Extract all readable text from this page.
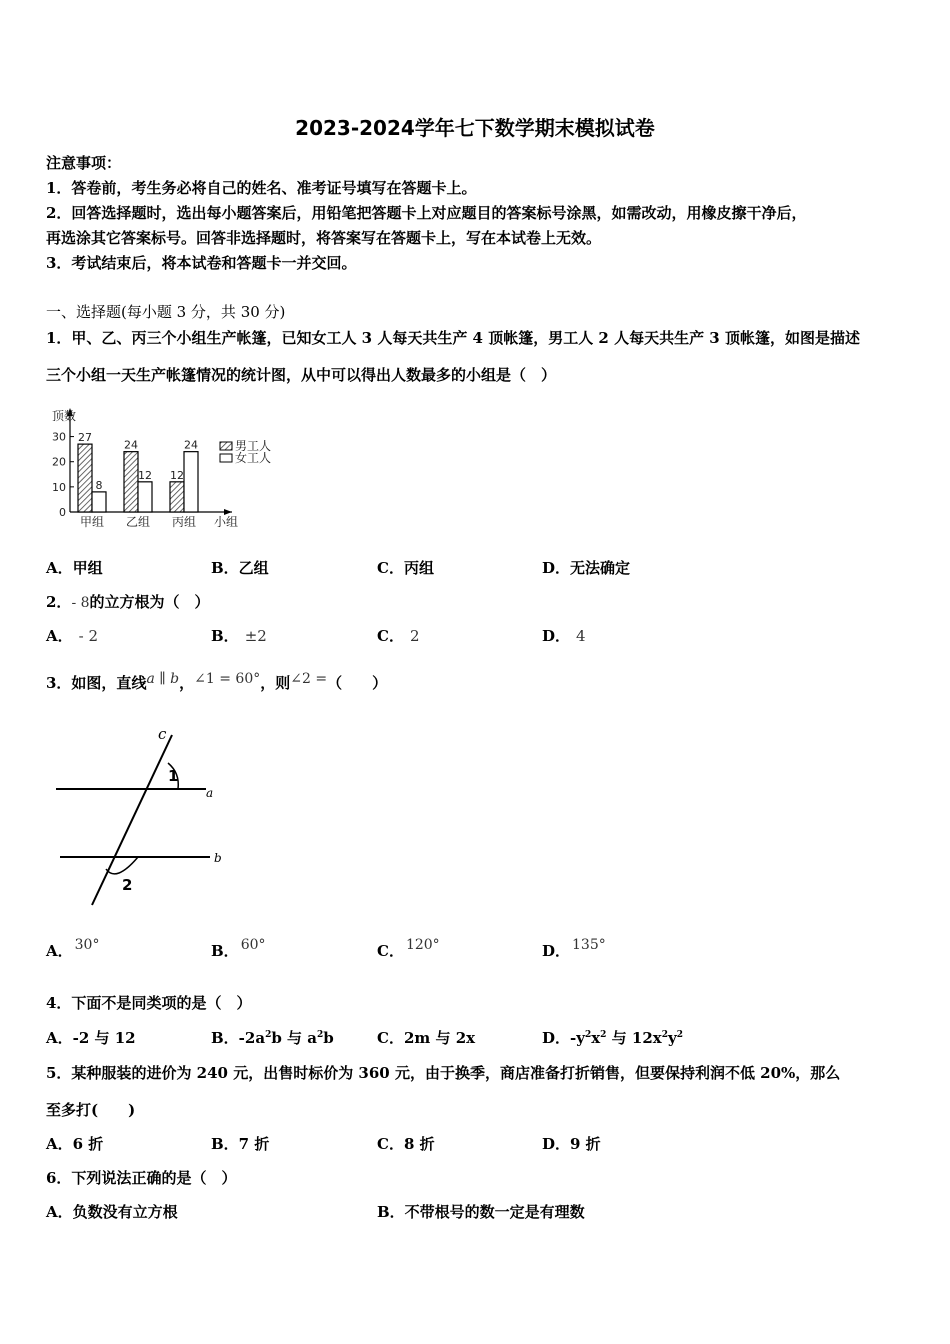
2023-2024学年七下数学期末模拟试卷
注意事项：
1．答卷前，考生务必将自己的姓名、准考证号填写在答题卡上。
2．回答选择题时，选出每小题答案后，用铅笔把答题卡上对应题目的答案标号涂黑，如需改动，用橡皮擦干净后，
再选涂其它答案标号。回答非选择题时，将答案写在答题卡上，写在本试卷上无效。
3．考试结束后，将本试卷和答题卡一并交回。
一、选择题(每小题 3 分，共 30 分)
1．甲、乙、丙三个小组生产帐篷，已知女工人 3 人每天共生产 4 顶帐篷，男工人 2 人每天共生产 3 顶帐篷，如图是描述
三个小组一天生产帐篷情况的统计图，从中可以得出人数最多的小组是（　）
顶数
小组
0
10
20
30 27
8
甲组
24
12
乙组
12
24
丙组
男工人
女工人
A．甲组	B．乙组	C．丙组	D．无法确定
2．- 8的立方根为（　）
A． - 2	B． ±2	C． 2	D． 4
3．如图，直线a ∥ b，∠1 = 60°，则∠2 =（　　）
c
a
b
1
2
A． 30°	B． 60°	C． 120°	D． 135°
4．下面不是同类项的是（　）
A．-2 与 12	B．$-2a^2b$ 与 $a^2b$	C．2m 与 2x	D．$-y^2x^2$ 与 $12x^2y^2$
5．某种服装的进价为 240 元，出售时标价为 360 元，由于换季，商店准备打折销售，但要保持利润不低 20%，那么
至多打(　　)
A．6 折	B．7 折	C．8 折	D．9 折
6．下列说法正确的是（　）
A．负数没有立方根	B．不带根号的数一定是有理数
